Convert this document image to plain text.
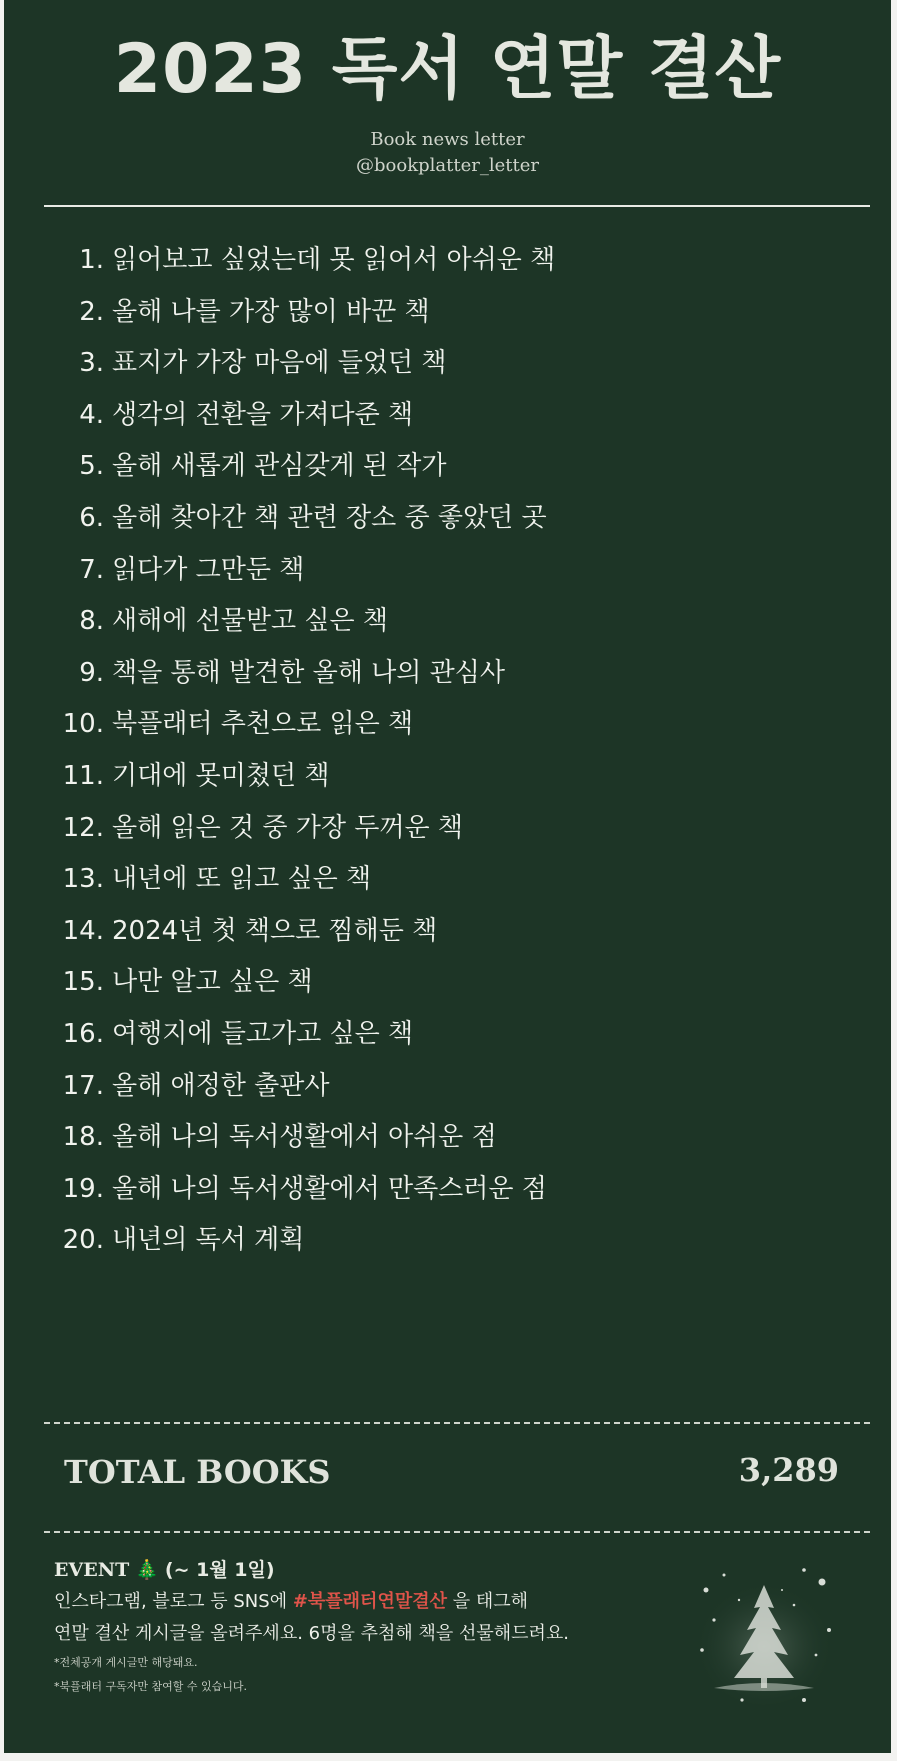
2023 독서 연말 결산
Book news letter
@bookplatter_letter
1. 읽어보고 싶었는데 못 읽어서 아쉬운 책
2. 올해 나를 가장 많이 바꾼 책
3. 표지가 가장 마음에 들었던 책
4. 생각의 전환을 가져다준 책
5. 올해 새롭게 관심갖게 된 작가
6. 올해 찾아간 책 관련 장소 중 좋았던 곳
7. 읽다가 그만둔 책
8. 새해에 선물받고 싶은 책
9. 책을 통해 발견한 올해 나의 관심사
10. 북플래터 추천으로 읽은 책
11. 기대에 못미쳤던 책
12. 올해 읽은 것 중 가장 두꺼운 책
13. 내년에 또 읽고 싶은 책
14. 2024년 첫 책으로 찜해둔 책
15. 나만 알고 싶은 책
16. 여행지에 들고가고 싶은 책
17. 올해 애정한 출판사
18. 올해 나의 독서생활에서 아쉬운 점
19. 올해 나의 독서생활에서 만족스러운 점
20. 내년의 독서 계획
TOTAL BOOKS	3,289
EVENT 🎄 (~ 1월 1일)
인스타그램, 블로그 등 SNS에 #북플래터연말결산 을 태그해
연말 결산 게시글을 올려주세요. 6명을 추첨해 책을 선물해드려요.
*전체공개 게시글만 해당돼요.
*북플래터 구독자만 참여할 수 있습니다.
